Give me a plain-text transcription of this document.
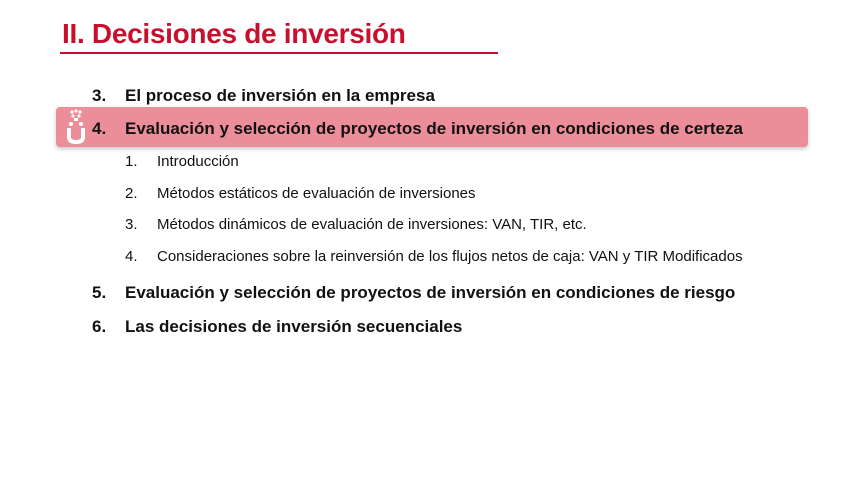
II. Decisiones de inversión
3. El proceso de inversión en la empresa
4. Evaluación y selección de proyectos de inversión en condiciones de certeza
1. Introducción
2. Métodos estáticos de evaluación de inversiones
3. Métodos dinámicos de evaluación de inversiones: VAN, TIR, etc.
4. Consideraciones sobre la reinversión de los flujos netos de caja: VAN y TIR Modificados
5. Evaluación y selección de proyectos de inversión en condiciones de riesgo
6. Las decisiones de inversión secuenciales
